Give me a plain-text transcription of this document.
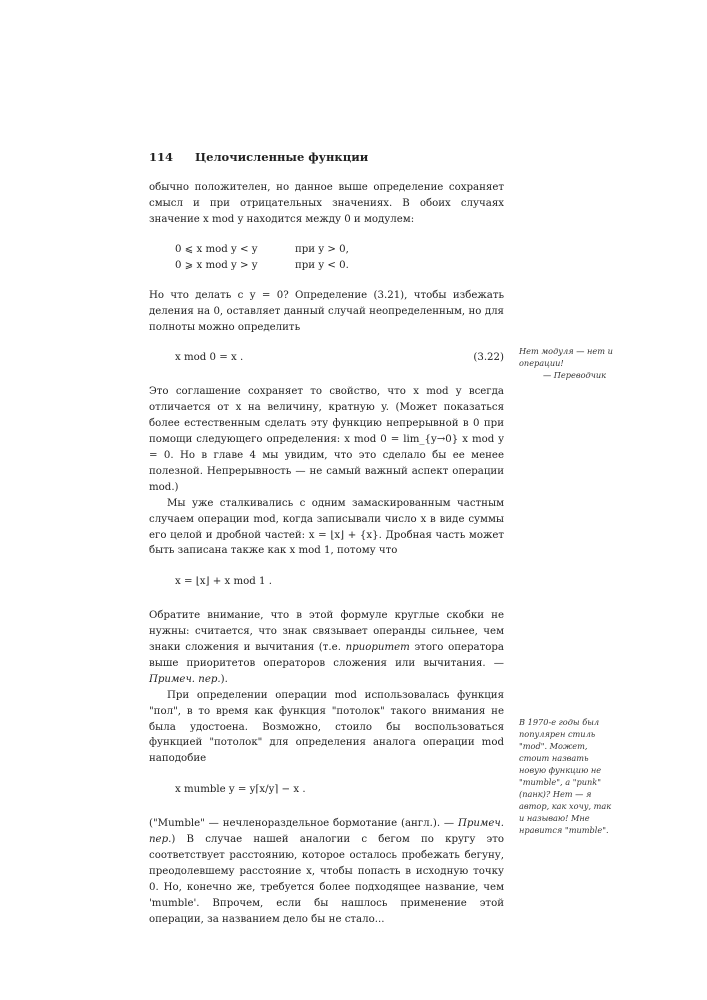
114 Целочисленные функции

обычно положителен, но данное выше определение сохраняет смысл и при отрицательных значениях. В обоих случаях значение x mod y находится между 0 и модулем:

0 ⩽ x mod y < y	при y > 0,
0 ⩾ x mod y > y	при y < 0.

Но что делать с y = 0? Определение (3.21), чтобы избежать деления на 0, оставляет данный случай неопределенным, но для полноты можно определить

x mod 0 = x .	(3.22)

Это соглашение сохраняет то свойство, что x mod y всегда отличается от x на величину, кратную y. (Может показаться более естественным сделать эту функцию непрерывной в 0 при помощи следующего определения: x mod 0 = lim_{y→0} x mod y = 0. Но в главе 4 мы увидим, что это сделало бы ее менее полезной. Непрерывность — не самый важный аспект операции mod.)

Мы уже сталкивались с одним замаскированным частным случаем операции mod, когда записывали число x в виде суммы его целой и дробной частей: x = ⌊x⌋ + {x}. Дробная часть может быть записана также как x mod 1, потому что

x = ⌊x⌋ + x mod 1 .

Обратите внимание, что в этой формуле круглые скобки не нужны: считается, что знак связывает операнды сильнее, чем знаки сложения и вычитания (т.е. приоритет этого оператора выше приоритетов операторов сложения или вычитания. — Примеч. пер.).

При определении операции mod использовалась функция "пол", в то время как функция "потолок" такого внимания не была удостоена. Возможно, стоило бы воспользоваться функцией "потолок" для определения аналога операции mod наподобие

x mumble y = y⌈x/y⌉ − x .

("Mumble" — нечленораздельное бормотание (англ.). — Примеч. пер.) В случае нашей аналогии с бегом по кругу это соответствует расстоянию, которое осталось пробежать бегуну, преодолевшему расстояние x, чтобы попасть в исходную точку 0. Но, конечно же, требуется более подходящее название, чем 'mumble'. Впрочем, если бы нашлось применение этой операции, за названием дело бы не стало...

Нет модуля — нет и операции!
— Переводчик
В 1970-е годы был популярен стиль "mod". Может, стоит назвать новую функцию не "mumble", а "punk" (панк)? Нет — я автор, как хочу, так и называю! Мне нравится "mumble".
